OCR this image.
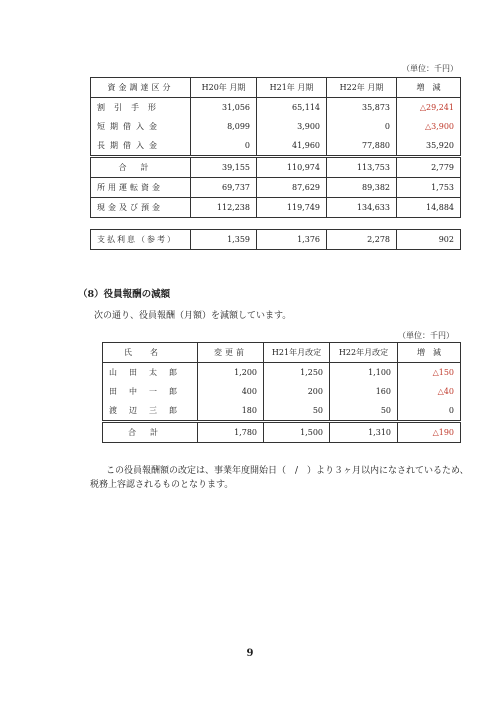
（単位：千円）
資金調達区分	H20年 月期	H21年 月期	H22年 月期	増　減
割引手形	31,056	65,114	35,873	△29,241
短期借入金	8,099	3,900	0	△3,900
長期借入金	0	41,960	77,880	35,920
合計	39,155	110,974	113,753	2,779
所用運転資金	69,737	87,629	89,382	1,753
現金及び預金	112,238	119,749	134,633	14,884
支払利息（参考）	1,359	1,376	2,278	902
（8）役員報酬の減額
次の通り、役員報酬（月額）を減額しています。
（単位：千円）
氏名	変更前	H21年月改定	H22年月改定	増　減
山田太郎	1,200	1,250	1,100	△150
田中一郎	400	200	160	△40
渡辺三郎	180	50	50	0
合計	1,780	1,500	1,310	△190
この役員報酬額の改定は、事業年度開始日（　/　）より３ヶ月以内になされているため、
税務上容認されるものとなります。
9
